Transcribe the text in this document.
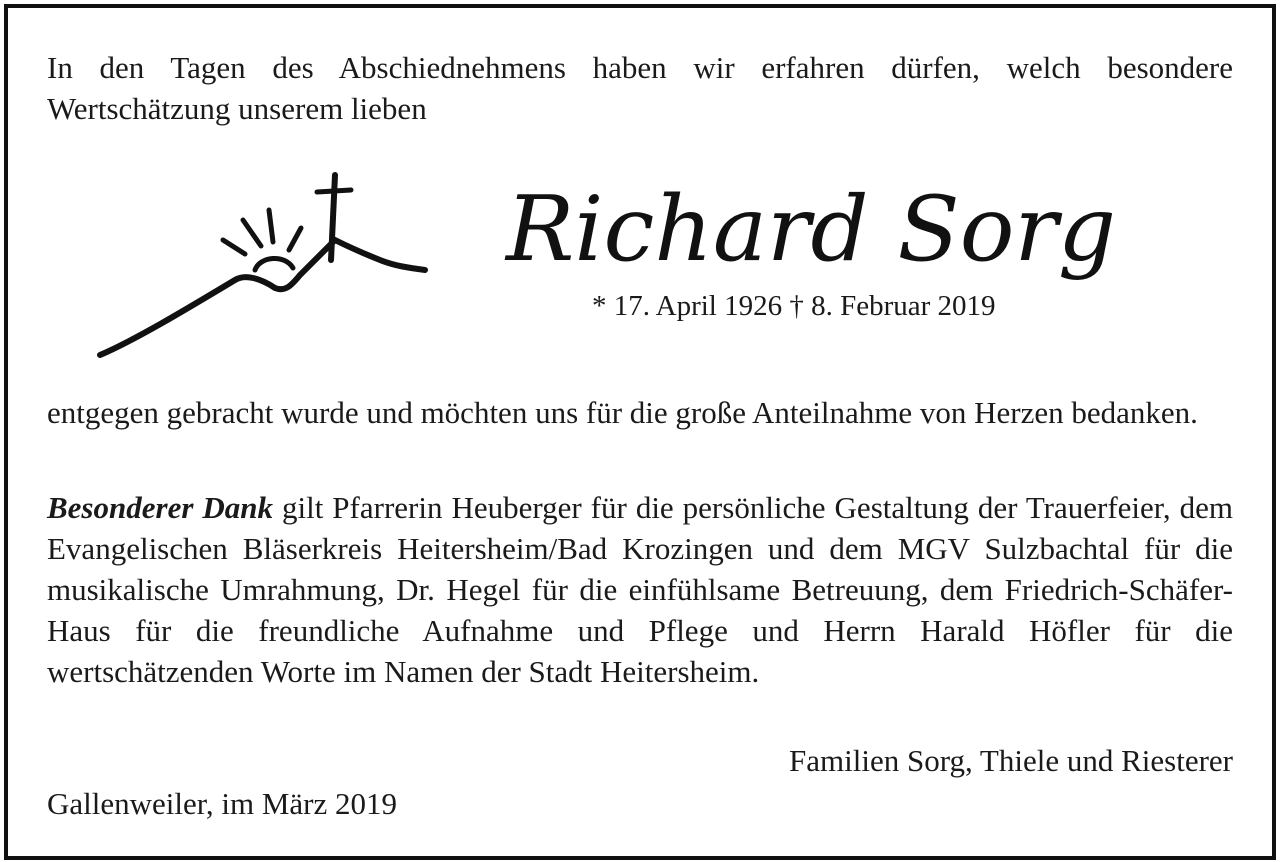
In den Tagen des Abschiednehmens haben wir erfahren dürfen, welch besondere Wertschätzung unserem lieben

Richard Sorg
* 17. April 1926 † 8. Februar 2019

entgegen gebracht wurde und möchten uns für die große Anteilnahme von Herzen bedanken.

Besonderer Dank gilt Pfarrerin Heuberger für die persönliche Gestaltung der Trauerfeier, dem Evangelischen Bläserkreis Heitersheim/Bad Krozingen und dem MGV Sulzbachtal für die musikalische Umrahmung, Dr. Hegel für die einfühlsame Betreuung, dem Friedrich-Schäfer-Haus für die freundliche Aufnahme und Pflege und Herrn Harald Höfler für die wertschätzenden Worte im Namen der Stadt Heitersheim.

Familien Sorg, Thiele und Riesterer

Gallenweiler, im März 2019
